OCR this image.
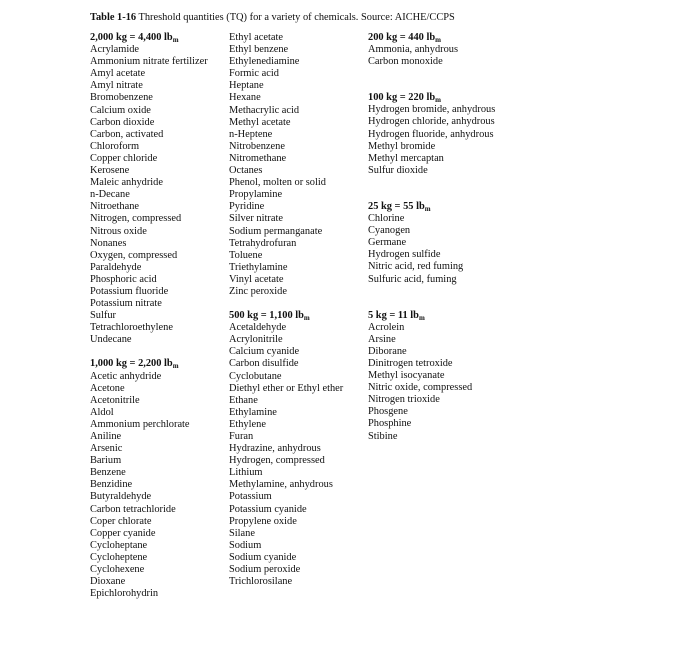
Table 1-16 Threshold quantities (TQ) for a variety of chemicals. Source: AICHE/CCPS
2,000 kg = 4,400 $lb_m$
Acrylamide
Ammonium nitrate fertilizer
Amyl acetate
Amyl nitrate
Bromobenzene
Calcium oxide
Carbon dioxide
Carbon, activated
Chloroform
Copper chloride
Kerosene
Maleic anhydride
n-Decane
Nitroethane
Nitrogen, compressed
Nitrous oxide
Nonanes
Oxygen, compressed
Paraldehyde
Phosphoric acid
Potassium fluoride
Potassium nitrate
Sulfur
Tetrachloroethylene
Undecane
1,000 kg = 2,200 $lb_m$
Acetic anhydride
Acetone
Acetonitrile
Aldol
Ammonium perchlorate
Aniline
Arsenic
Barium
Benzene
Benzidine
Butyraldehyde
Carbon tetrachloride
Coper chlorate
Copper cyanide
Cycloheptane
Cycloheptene
Cyclohexene
Dioxane
Epichlorohydrin
Ethyl acetate
Ethyl benzene
Ethylenediamine
Formic acid
Heptane
Hexane
Methacrylic acid
Methyl acetate
n-Heptene
Nitrobenzene
Nitromethane
Octanes
Phenol, molten or solid
Propylamine
Pyridine
Silver nitrate
Sodium permanganate
Tetrahydrofuran
Toluene
Triethylamine
Vinyl acetate
Zinc peroxide
500 kg = 1,100 $lb_m$
Acetaldehyde
Acrylonitrile
Calcium cyanide
Carbon disulfide
Cyclobutane
Diethyl ether or Ethyl ether
Ethane
Ethylamine
Ethylene
Furan
Hydrazine, anhydrous
Hydrogen, compressed
Lithium
Methylamine, anhydrous
Potassium
Potassium cyanide
Propylene oxide
Silane
Sodium
Sodium cyanide
Sodium peroxide
Trichlorosilane
200 kg = 440 $lb_m$
Ammonia, anhydrous
Carbon monoxide
100 kg = 220 $lb_m$
Hydrogen bromide, anhydrous
Hydrogen chloride, anhydrous
Hydrogen fluoride, anhydrous
Methyl bromide
Methyl mercaptan
Sulfur dioxide
25 kg = 55 $lb_m$
Chlorine
Cyanogen
Germane
Hydrogen sulfide
Nitric acid, red fuming
Sulfuric acid, fuming
5 kg = 11 $lb_m$
Acrolein
Arsine
Diborane
Dinitrogen tetroxide
Methyl isocyanate
Nitric oxide, compressed
Nitrogen trioxide
Phosgene
Phosphine
Stibine
